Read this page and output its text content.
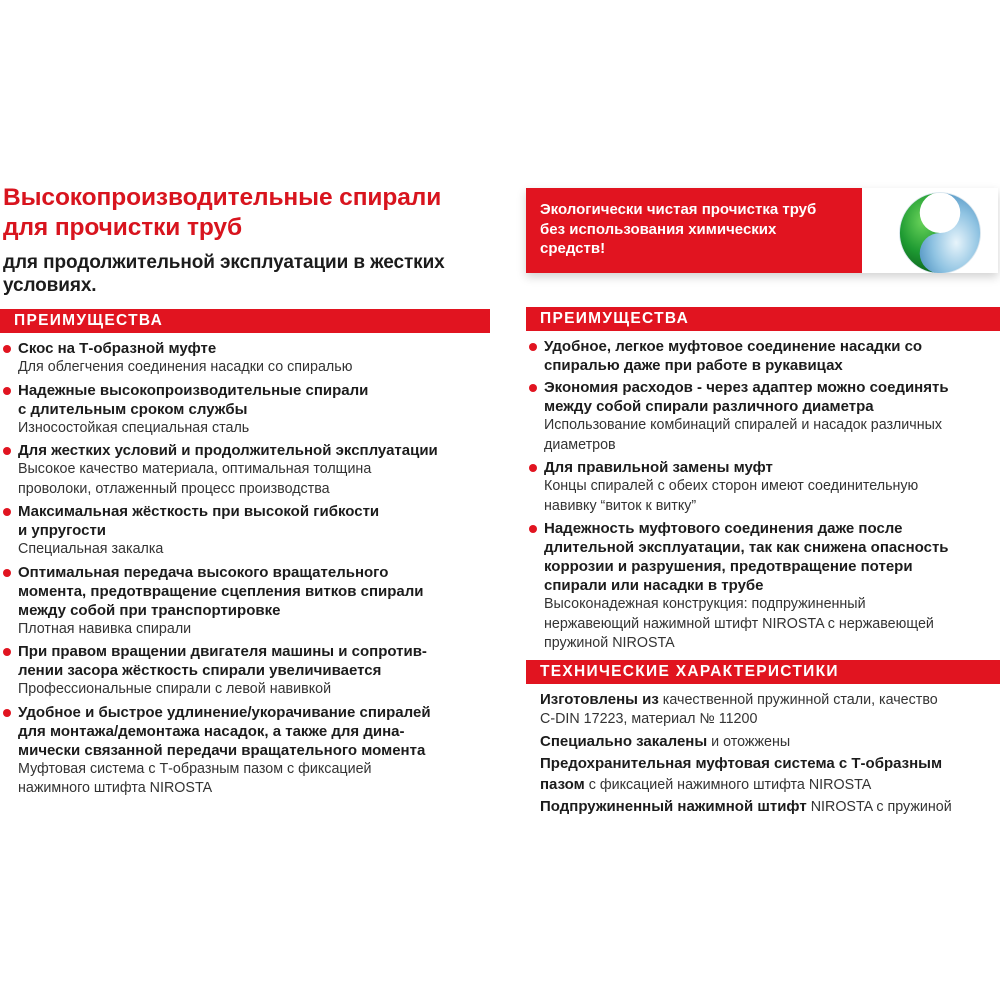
Высокопроизводительные спирали
для прочистки труб
для продолжительной эксплуатации в жестких
условиях.
ПРЕИМУЩЕСТВА
Скос на Т-образной муфте
Для облегчения соединения насадки со спиралью
Надежные высокопроизводительные спирали
с длительным сроком службы
Износостойкая специальная сталь
Для жестких условий и продолжительной эксплуатации
Высокое качество материала, оптимальная толщина
проволоки, отлаженный процесс производства
Максимальная жёсткость при высокой гибкости
и упругости
Специальная закалка
Оптимальная передача высокого вращательного
момента, предотвращение сцепления витков спирали
между собой при транспортировке
Плотная навивка спирали
При правом вращении двигателя машины и сопротив-
лении засора жёсткость спирали увеличивается
Профессиональные спирали с левой навивкой
Удобное и быстрое удлинение/укорачивание спиралей
для монтажа/демонтажа насадок, а также для дина-
мически связанной передачи вращательного момента
Муфтовая система с Т-образным пазом с фиксацией
нажимного штифта NIROSTA
Экологически чистая прочистка труб
без использования химических
средств!
ПРЕИМУЩЕСТВА
Удобное, легкое муфтовое соединение насадки со
спиралью даже при работе в рукавицах
Экономия расходов - через адаптер можно соединять
между собой спирали различного диаметра
Использование комбинаций спиралей и насадок различных
диаметров
Для правильной замены муфт
Концы спиралей с обеих сторон имеют соединительную
навивку “виток к витку”
Надежность муфтового соединения даже после
длительной эксплуатации, так как снижена опасность
коррозии и разрушения, предотвращение потери
спирали или насадки в трубе
Высоконадежная конструкция: подпружиненный
нержавеющий нажимной штифт NIROSTA с нержавеющей
пружиной NIROSTA
ТЕХНИЧЕСКИЕ ХАРАКТЕРИСТИКИ

Изготовлены из качественной пружинной стали, качество
C-DIN 17223, материал № 11200

Специально закалены и отожжены

Предохранительная муфтовая система с Т-образным
пазом с фиксацией нажимного штифта NIROSTA

Подпружиненный нажимной штифт NIROSTA с пружиной
